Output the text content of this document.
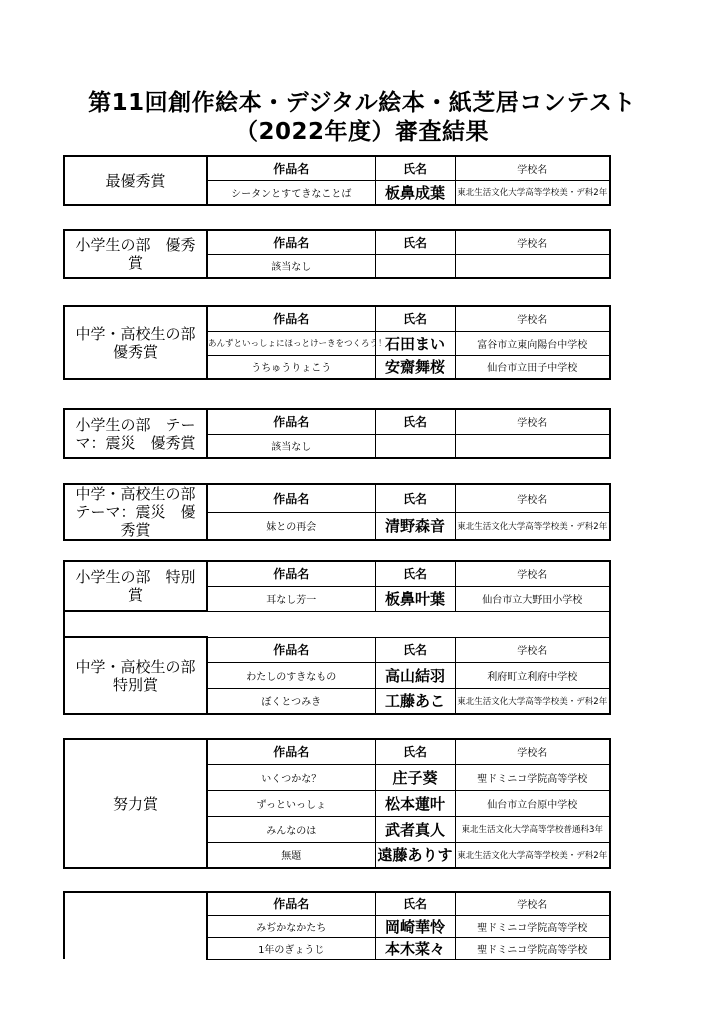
第11回創作絵本・デジタル絵本・紙芝居コンテスト
（2022年度）審査結果
最優秀賞	作品名	氏名	学校名
	シータンとすてきなことば	板鼻成葉	東北生活文化大学高等学校美・デ科2年
小学生の部　優秀賞	作品名	氏名	学校名
	該当なし		
中学・高校生の部　優秀賞	作品名	氏名	学校名
	あんずといっしょにほっとけーきをつくろう！	石田まい	富谷市立東向陽台中学校
	うちゅうりょこう	安齋舞桜	仙台市立田子中学校
小学生の部　テーマ：震災　優秀賞	作品名	氏名	学校名
	該当なし		
中学・高校生の部　テーマ：震災　優秀賞	作品名	氏名	学校名
	妹との再会	清野森音	東北生活文化大学高等学校美・デ科2年
小学生の部　特別賞	作品名	氏名	学校名
	耳なし芳一	板鼻叶葉	仙台市立大野田小学校

中学・高校生の部　特別賞	作品名	氏名	学校名
	わたしのすきなもの	高山結羽	利府町立利府中学校
	ぼくとつみき	工藤あこ	東北生活文化大学高等学校美・デ科2年
努力賞	作品名	氏名	学校名
	いくつかな？	庄子葵	聖ドミニコ学院高等学校
	ずっといっしょ	松本蓮叶	仙台市立台原中学校
	みんなのは	武者真人	東北生活文化大学高等学校普通科3年
	無題	遠藤ありす	東北生活文化大学高等学校美・デ科2年
	作品名	氏名	学校名
	みぢかなかたち	岡崎華怜	聖ドミニコ学院高等学校
	1年のぎょうじ	本木菜々	聖ドミニコ学院高等学校
